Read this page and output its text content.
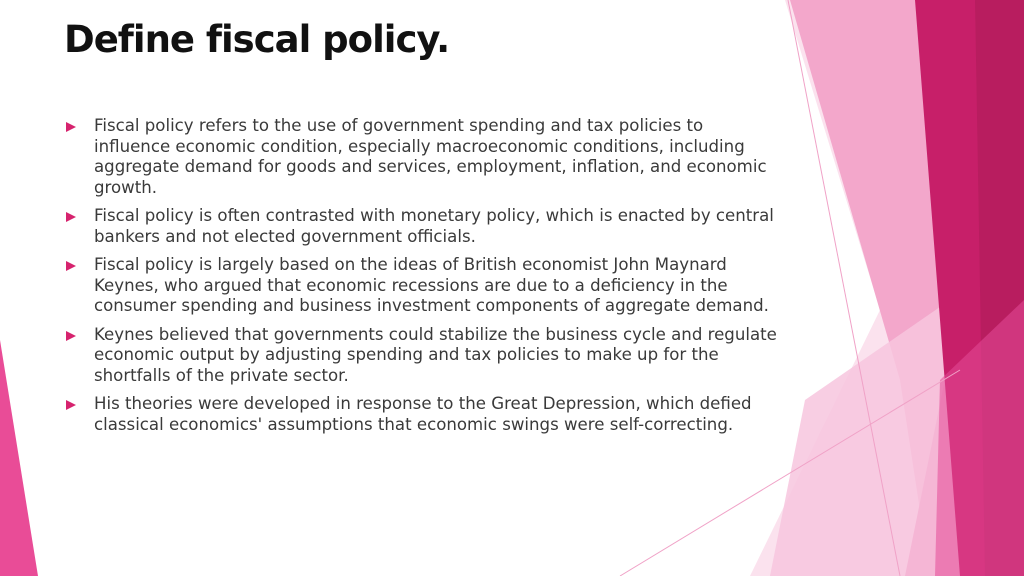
Define fiscal policy.
Fiscal policy refers to the use of government spending and tax policies to influence economic condition, especially macroeconomic conditions, including aggregate demand for goods and services, employment, inflation, and economic growth.
Fiscal policy is often contrasted with monetary policy, which is enacted by central bankers and not elected government officials.
Fiscal policy is largely based on the ideas of British economist John Maynard Keynes, who argued that economic recessions are due to a deficiency in the consumer spending and business investment components of aggregate demand.
Keynes believed that governments could stabilize the business cycle and regulate economic output by adjusting spending and tax policies to make up for the shortfalls of the private sector.
His theories were developed in response to the Great Depression, which defied classical economics' assumptions that economic swings were self-correcting.
